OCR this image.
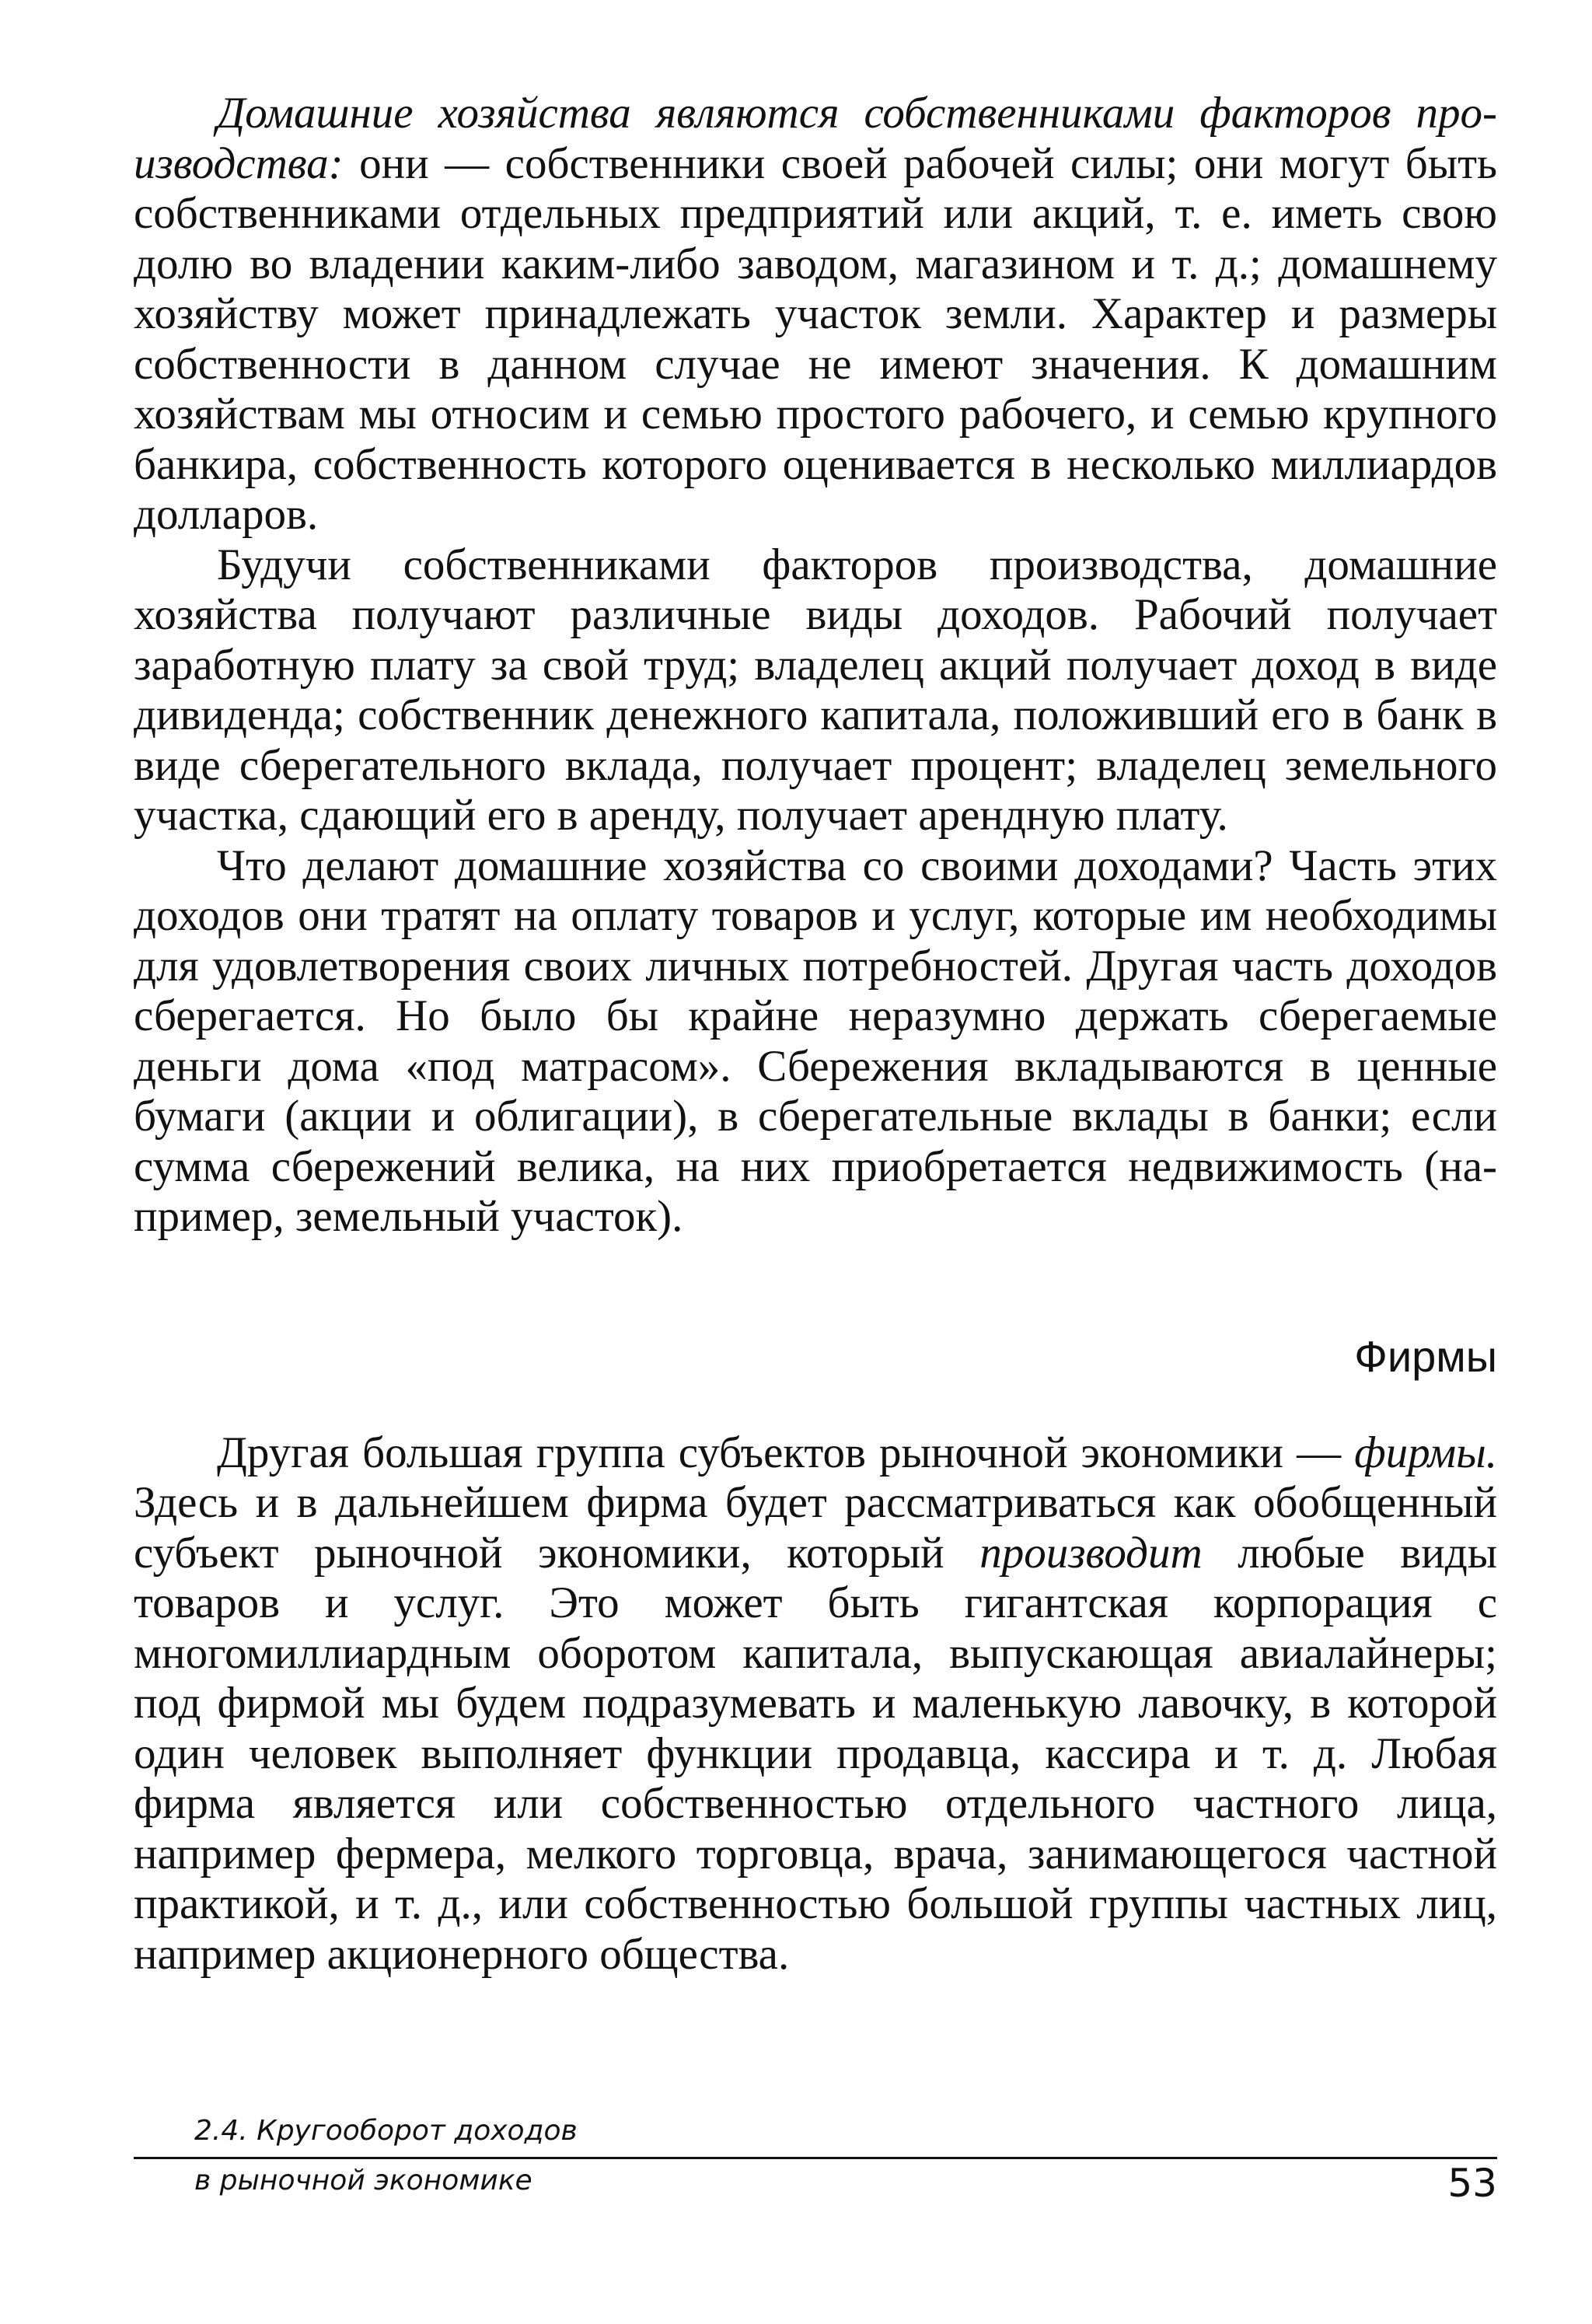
Домашние хозяйства являются собственниками факторов производства: они — собственники своей рабочей силы; они могут быть собственниками отдельных предприятий или акций, т. е. иметь свою долю во владении каким-либо заводом, магазином и т. д.; домашнему хозяйству может принадлежать участок земли. Характер и размеры собственности в данном случае не имеют значения. К домашним хозяйствам мы относим и семью простого рабочего, и семью крупного банкира, собственность которого оценивается в несколько миллиардов долларов.

Будучи собственниками факторов производства, домашние хозяйства получают различные виды доходов. Рабочий получает заработную плату за свой труд; владелец акций получает доход в виде дивиденда; собственник денежного капитала, положивший его в банк в виде сберегательного вклада, получает процент; владелец земельного участка, сдающий его в аренду, получает арендную плату.

Что делают домашние хозяйства со своими доходами? Часть этих доходов они тратят на оплату товаров и услуг, которые им необходимы для удовлетворения своих личных потребностей. Другая часть доходов сберегается. Но было бы крайне неразумно держать сберегаемые деньги дома «под матрасом». Сбережения вкладываются в ценные бумаги (акции и облигации), в сберегательные вклады в банки; если сумма сбережений велика, на них приобретается недвижимость (например, земельный участок).

Фирмы

Другая большая группа субъектов рыночной экономики — фирмы. Здесь и в дальнейшем фирма будет рассматриваться как обобщенный субъект рыночной экономики, который производит любые виды товаров и услуг. Это может быть гигантская корпорация с многомиллиардным оборотом капитала, выпускающая авиалайнеры; под фирмой мы будем подразумевать и маленькую лавочку, в которой один человек выполняет функции продавца, кассира и т. д. Любая фирма является или собственностью отдельного частного лица, например фермера, мелкого торговца, врача, занимающегося частной практикой, и т. д., или собственностью большой группы частных лиц, например акционерного общества.

2.4. Кругооборот доходов
в рыночной экономике	53
